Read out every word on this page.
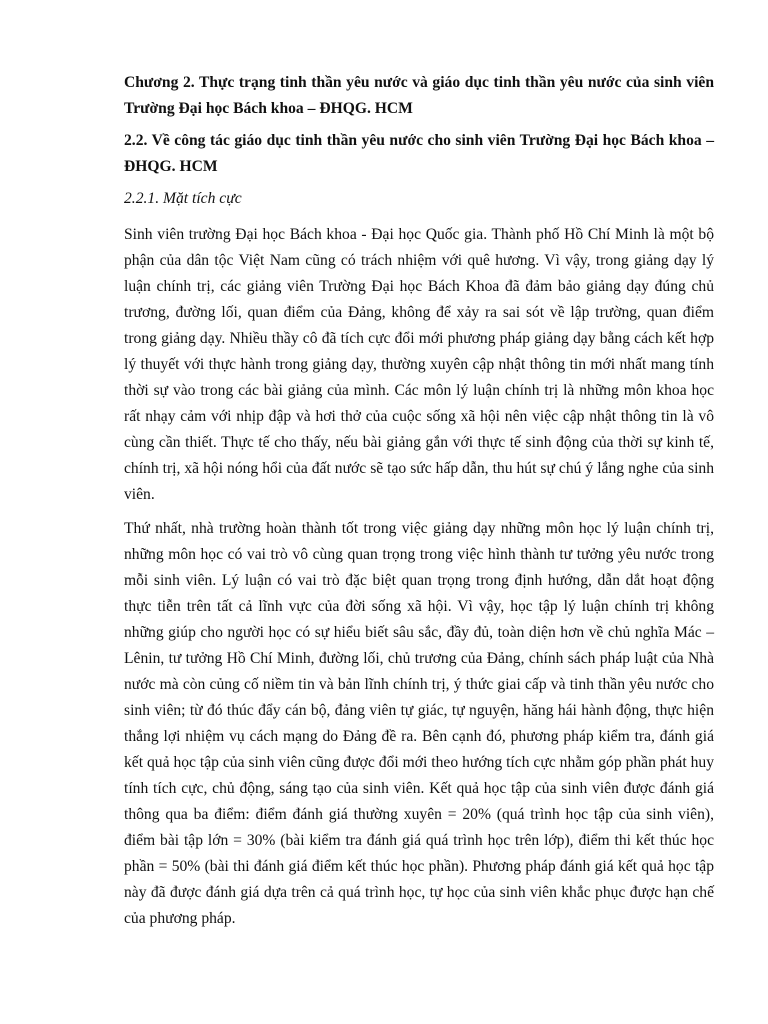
Chương 2. Thực trạng tinh thần yêu nước và giáo dục tinh thần yêu nước của sinh viên Trường Đại học Bách khoa – ĐHQG. HCM
2.2. Về công tác giáo dục tinh thần yêu nước cho sinh viên Trường Đại học Bách khoa – ĐHQG. HCM
2.2.1. Mặt tích cực
Sinh viên trường Đại học Bách khoa - Đại học Quốc gia. Thành phố Hồ Chí Minh là một bộ phận của dân tộc Việt Nam cũng có trách nhiệm với quê hương. Vì vậy, trong giảng dạy lý luận chính trị, các giảng viên Trường Đại học Bách Khoa đã đảm bảo giảng dạy đúng chủ trương, đường lối, quan điểm của Đảng, không để xảy ra sai sót về lập trường, quan điểm trong giảng dạy. Nhiều thầy cô đã tích cực đổi mới phương pháp giảng dạy bằng cách kết hợp lý thuyết với thực hành trong giảng dạy, thường xuyên cập nhật thông tin mới nhất mang tính thời sự vào trong các bài giảng của mình. Các môn lý luận chính trị là những môn khoa học rất nhạy cảm với nhịp đập và hơi thở của cuộc sống xã hội nên việc cập nhật thông tin là vô cùng cần thiết. Thực tế cho thấy, nếu bài giảng gắn với thực tế sinh động của thời sự kinh tế, chính trị, xã hội nóng hổi của đất nước sẽ tạo sức hấp dẫn, thu hút sự chú ý lắng nghe của sinh viên.
Thứ nhất, nhà trường hoàn thành tốt trong việc giảng dạy những môn học lý luận chính trị, những môn học có vai trò vô cùng quan trọng trong việc hình thành tư tưởng yêu nước trong mỗi sinh viên. Lý luận có vai trò đặc biệt quan trọng trong định hướng, dẫn dắt hoạt động thực tiễn trên tất cả lĩnh vực của đời sống xã hội. Vì vậy, học tập lý luận chính trị không những giúp cho người học có sự hiểu biết sâu sắc, đầy đủ, toàn diện hơn về chủ nghĩa Mác – Lênin, tư tưởng Hồ Chí Minh, đường lối, chủ trương của Đảng, chính sách pháp luật của Nhà nước mà còn củng cố niềm tin và bản lĩnh chính trị, ý thức giai cấp và tinh thần yêu nước cho sinh viên; từ đó thúc đẩy cán bộ, đảng viên tự giác, tự nguyện, hăng hái hành động, thực hiện thắng lợi nhiệm vụ cách mạng do Đảng đề ra. Bên cạnh đó, phương pháp kiểm tra, đánh giá kết quả học tập của sinh viên cũng được đổi mới theo hướng tích cực nhằm góp phần phát huy tính tích cực, chủ động, sáng tạo của sinh viên. Kết quả học tập của sinh viên được đánh giá thông qua ba điểm: điểm đánh giá thường xuyên = 20% (quá trình học tập của sinh viên), điểm bài tập lớn = 30% (bài kiểm tra đánh giá quá trình học trên lớp), điểm thi kết thúc học phần = 50% (bài thi đánh giá điểm kết thúc học phần). Phương pháp đánh giá kết quả học tập này đã được đánh giá dựa trên cả quá trình học, tự học của sinh viên khắc phục được hạn chế của phương pháp.
